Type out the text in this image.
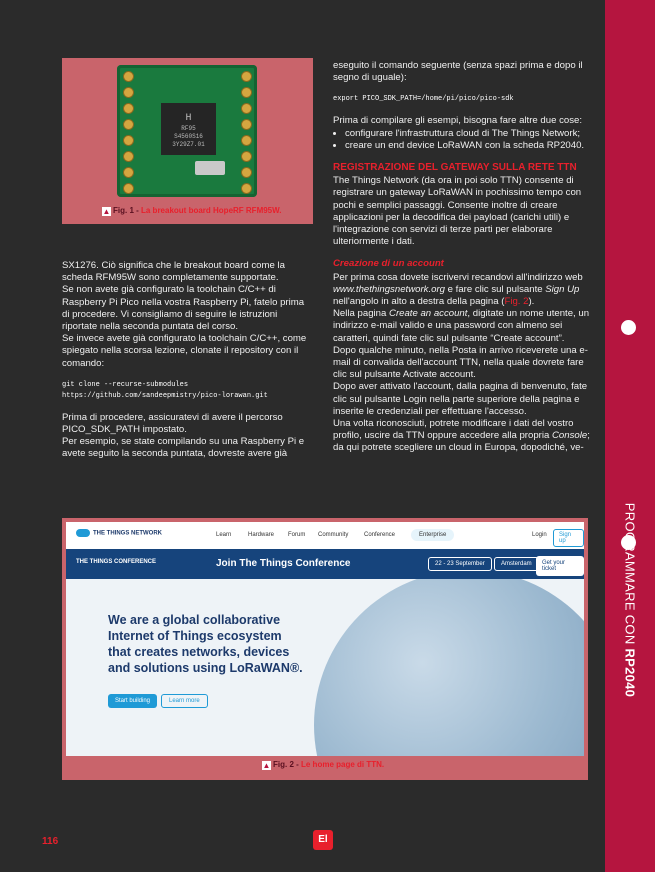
PROGRAMMARE CON RP2040
H
RF95
S4560S16
3Y29Z7.01
▲ Fig. 1 - La breakout board HopeRF RFM95W.

SX1276. Ciò significa che le breakout board come la scheda RFM95W sono completamente supportate.

Se non avete già configurato la toolchain C/C++ di Raspberry Pi Pico nella vostra Raspberry Pi, fatelo prima di procedere. Vi consigliamo di seguire le istruzioni riportate nella seconda puntata del corso.

Se invece avete già configurato la toolchain C/C++, come spiegato nella scorsa lezione, clonate il repository con il comando:

git clone --recurse-submodules https://github.com/sandeepmistry/pico-lorawan.git

Prima di procedere, assicuratevi di avere il percorso PICO_SDK_PATH impostato.

Per esempio, se state compilando su una Raspberry Pi e avete seguito la seconda puntata, dovreste avere già

eseguito il comando seguente (senza spazi prima e dopo il segno di uguale):

export PICO_SDK_PATH=/home/pi/pico/pico-sdk

Prima di compilare gli esempi, bisogna fare altre due cose:

• configurare l'infrastruttura cloud di The Things Network;
• creare un end device LoRaWAN con la scheda RP2040.
REGISTRAZIONE DEL GATEWAY SULLA RETE TTN

The Things Network (da ora in poi solo TTN) consente di registrare un gateway LoRaWAN in pochissimo tempo con pochi e semplici passaggi. Consente inoltre di creare applicazioni per la decodifica dei payload (carichi utili) e l'integrazione con servizi di terze parti per elaborare ulteriormente i dati.

Creazione di un account

Per prima cosa dovete iscrivervi recandovi all'indirizzo web www.thethingsnetwork.org e fare clic sul pulsante Sign Up nell'angolo in alto a destra della pagina (Fig. 2).

Nella pagina Create an account, digitate un nome utente, un indirizzo e-mail valido e una password con almeno sei caratteri, quindi fate clic sul pulsante “Create account”.

Dopo qualche minuto, nella Posta in arrivo riceverete una e-mail di convalida dell'account TTN, nella quale dovrete fare clic sul pulsante Activate account.

Dopo aver attivato l'account, dalla pagina di benvenuto, fate clic sul pulsante Login nella parte superiore della pagina e inserite le credenziali per effettuare l'accesso.

Una volta riconosciuti, potrete modificare i dati del vostro profilo, uscire da TTN oppure accedere alla propria Console; da qui potrete scegliere un cloud in Europa, dopodiché, ve-

THE THINGS NETWORK	Learn	Hardware Forum Community	Conference	Enterprise	Login	Sign up
THE THINGS CONFERENCE	Join The Things Conference	22 - 23 September	Amsterdam	Get your ticket
We are a global collaborative Internet of Things ecosystem that creates networks, devices and solutions using LoRaWAN®.
Start building	Learn more
▲ Fig. 2 - Le home page di TTN.
116	El
